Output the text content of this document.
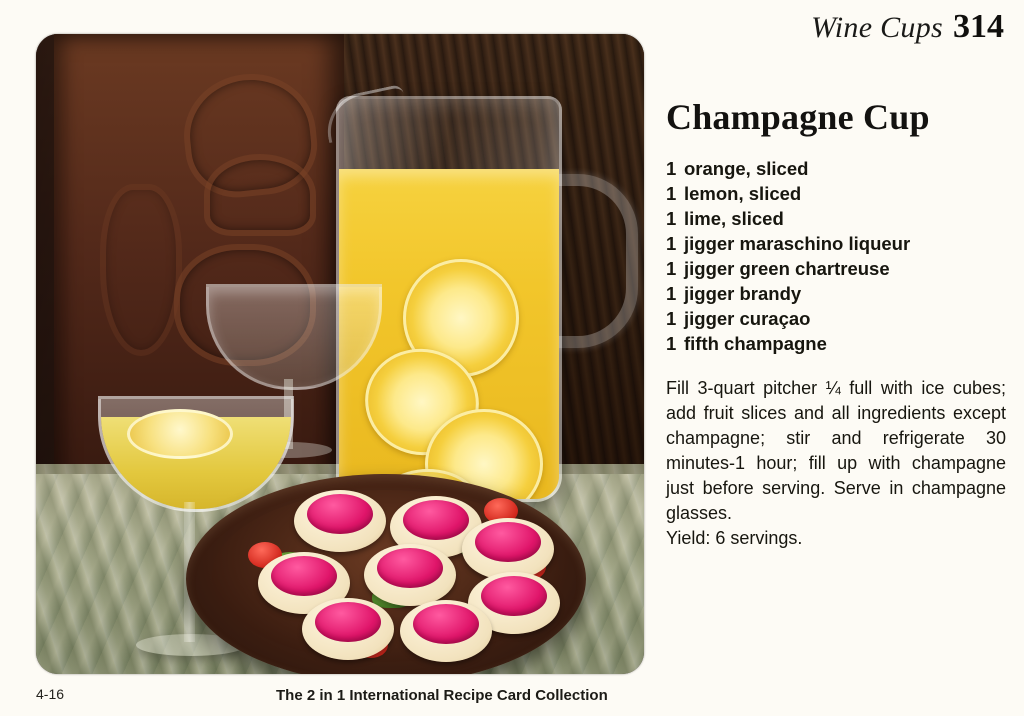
Wine Cups 314
Champagne Cup
1 orange, sliced
1 lemon, sliced
1 lime, sliced
1 jigger maraschino liqueur
1 jigger green chartreuse
1 jigger brandy
1 jigger curaçao
1 fifth champagne

Fill 3-quart pitcher ¼ full with ice cubes; add fruit slices and all ingredients except champagne; stir and refrigerate 30 minutes-1 hour; fill up with champagne just before serving. Serve in champagne glasses.

Yield: 6 servings.

4-16	The 2 in 1 International Recipe Card Collection
